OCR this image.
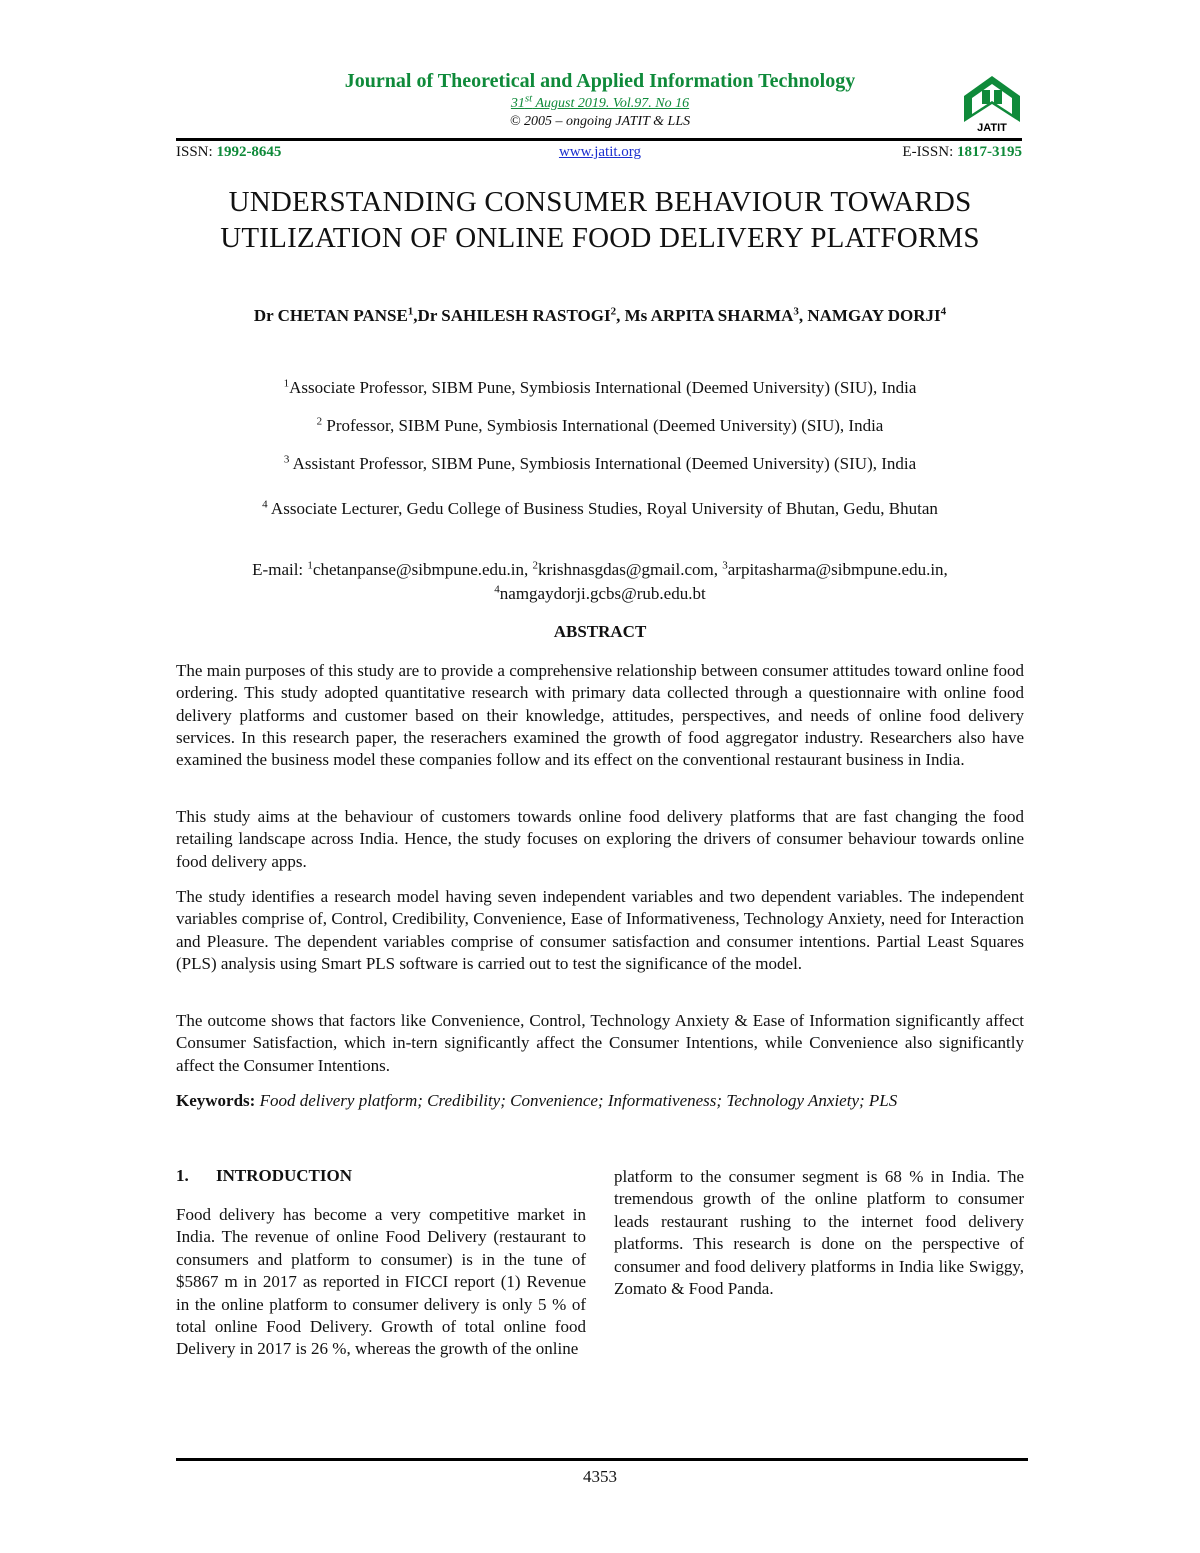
Journal of Theoretical and Applied Information Technology
31st August 2019. Vol.97. No 16
© 2005 – ongoing JATIT & LLS	JATIT
ISSN: 1992-8645	www.jatit.org	E-ISSN: 1817-3195
UNDERSTANDING CONSUMER BEHAVIOUR TOWARDS
UTILIZATION OF ONLINE FOOD DELIVERY PLATFORMS
Dr CHETAN PANSE$^1$,Dr SAHILESH RASTOGI$^2$, Ms ARPITA SHARMA$^3$, NAMGAY DORJI$^4$
$^1$Associate Professor, SIBM Pune, Symbiosis International (Deemed University) (SIU), India
$^2$ Professor, SIBM Pune, Symbiosis International (Deemed University) (SIU), India
$^3$ Assistant Professor, SIBM Pune, Symbiosis International (Deemed University) (SIU), India
$^4$ Associate Lecturer, Gedu College of Business Studies, Royal University of Bhutan, Gedu, Bhutan
E-mail: $^1$chetanpanse@sibmpune.edu.in, $^2$krishnasgdas@gmail.com, $^3$arpitasharma@sibmpune.edu.in,
$^4$namgaydorji.gcbs@rub.edu.bt
ABSTRACT
The main purposes of this study are to provide a comprehensive relationship between consumer attitudes toward online food ordering. This study adopted quantitative research with primary data collected through a questionnaire with online food delivery platforms and customer based on their knowledge, attitudes, perspectives, and needs of online food delivery services. In this research paper, the reserachers examined the growth of food aggregator industry. Researchers also have examined the business model these companies follow and its effect on the conventional restaurant business in India.
This study aims at the behaviour of customers towards online food delivery platforms that are fast changing the food retailing landscape across India. Hence, the study focuses on exploring the drivers of consumer behaviour towards online food delivery apps.
The study identifies a research model having seven independent variables and two dependent variables. The independent variables comprise of, Control, Credibility, Convenience, Ease of Informativeness, Technology Anxiety, need for Interaction and Pleasure. The dependent variables comprise of consumer satisfaction and consumer intentions. Partial Least Squares (PLS) analysis using Smart PLS software is carried out to test the significance of the model.
The outcome shows that factors like Convenience, Control, Technology Anxiety & Ease of Information significantly affect Consumer Satisfaction, which in-tern significantly affect the Consumer Intentions, while Convenience also significantly affect the Consumer Intentions.
Keywords: Food delivery platform; Credibility; Convenience; Informativeness; Technology Anxiety; PLS
1. INTRODUCTION
Food delivery has become a very competitive market in India. The revenue of online Food Delivery (restaurant to consumers and platform to consumer) is in the tune of $5867 m in 2017 as reported in FICCI report (1) Revenue in the online platform to consumer delivery is only 5 % of total online Food Delivery. Growth of total online food Delivery in 2017 is 26 %, whereas the growth of the online
platform to the consumer segment is 68 % in India. The tremendous growth of the online platform to consumer leads restaurant rushing to the internet food delivery platforms. This research is done on the perspective of consumer and food delivery platforms in India like Swiggy, Zomato & Food Panda.
4353
